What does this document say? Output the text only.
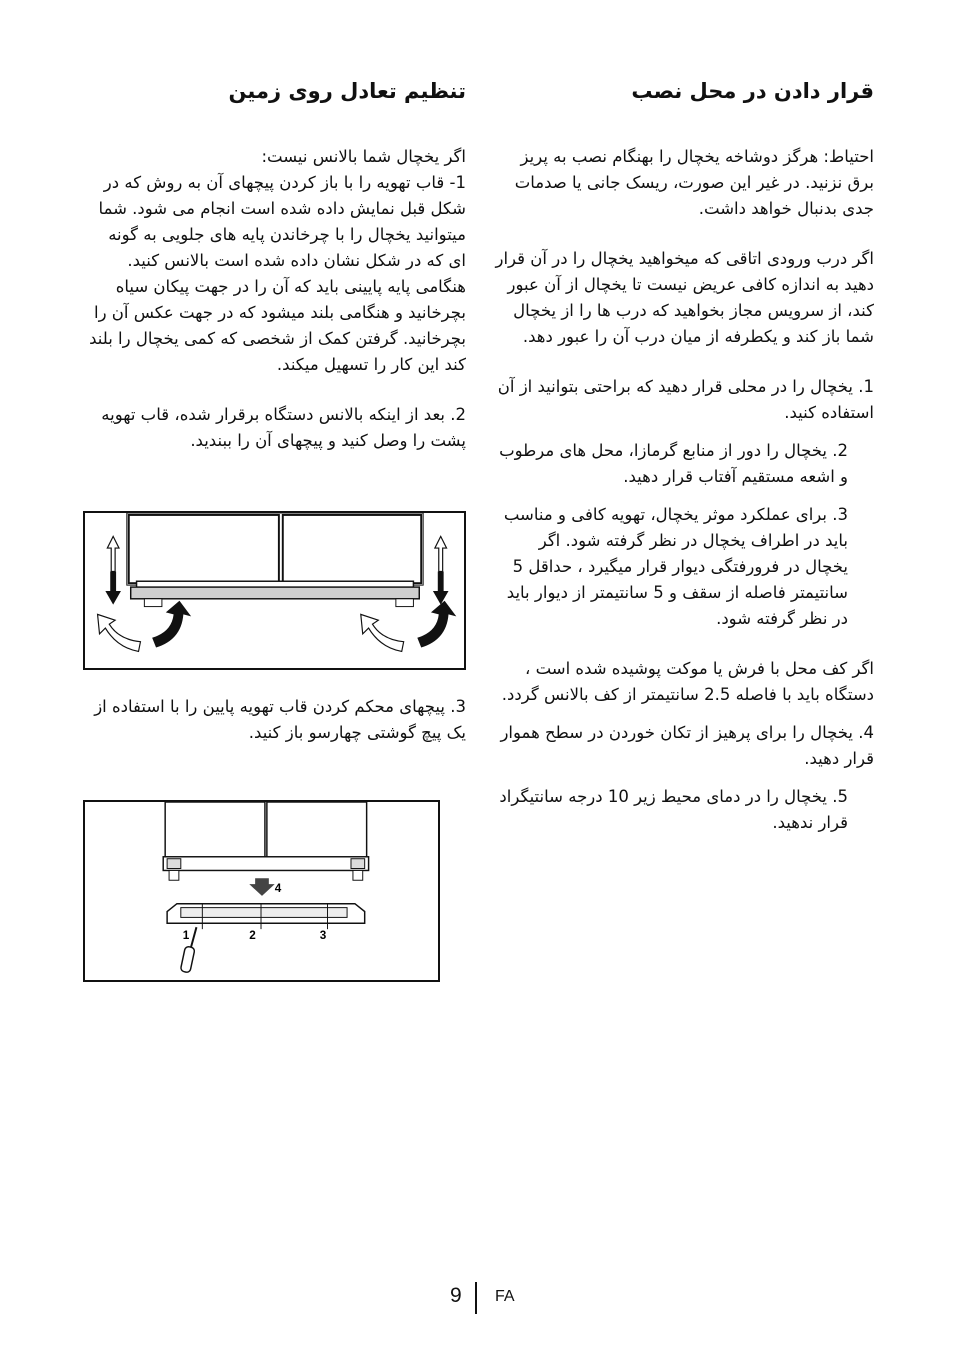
قرار دادن در محل نصب

احتیاط: هرگز دوشاخه یخچال را بهنگام نصب به پریز برق نزنید. در غیر این صورت، ریسک جانی یا صدمات جدی بدنبال خواهد داشت.

اگر درب ورودی اتاقی که میخواهید یخچال را در آن قرار دهید به اندازه کافی عریض نیست تا یخچال از آن عبور کند، از سرویس مجاز بخواهید که درب ها را از یخچال شما باز کند و یکطرفه از میان درب آن را عبور دهد.

1. یخچال را در محلی قرار دهید که براحتی بتوانید از آن استفاده کنید.

2. یخچال را دور از منابع گرمازا، محل های مرطوب و اشعه مستقیم آفتاب قرار دهید.

3. برای عملکرد موثر یخچال، تهویه کافی و مناسب باید در اطراف یخچال در نظر گرفته شود. اگر یخچال در فرورفتگی دیوار قرار میگیرد ، حداقل 5 سانتیمتر فاصله از سقف و 5 سانتیمتر از دیوار باید در نظر گرفته شود.

اگر کف محل با فرش یا موکت پوشیده شده است ، دستگاه باید با فاصله 2.5 سانتیمتر از کف بالانس گردد.

4. یخچال را برای پرهیز از تکان خوردن در سطح هموار قرار دهید.

5. یخچال را در دمای محیط زیر 10 درجه سانتیگراد قرار ندهید.

تنظیم تعادل روی زمین

اگر یخچال شما بالانس نیست:

1- قاب تهویه را با باز کردن پیچهای آن به روش که در شکل قبل نمایش داده شده است انجام می شود. شما میتوانید یخچال را با چرخاندن پایه های جلویی به گونه ای که در شکل نشان داده شده است بالانس کنید. هنگامی پایه پایینی باید که آن را در جهت پیکان سیاه بچرخانید و هنگامی بلند میشود که در جهت عکس آن را بچرخانید. گرفتن کمک از شخصی که کمی یخچال را بلند کند این کار را تسهیل میکند.

2. بعد از اینکه بالانس دستگاه برقرار شده، قاب تهویه پشت را وصل کنید و پیچهای آن را ببندید.

3. پیچهای محکم کردن قاب تهویه پایین را با استفاده از یک پیچ گوشتی چهارسو باز کنید.

4
1	2	3
9 FA
